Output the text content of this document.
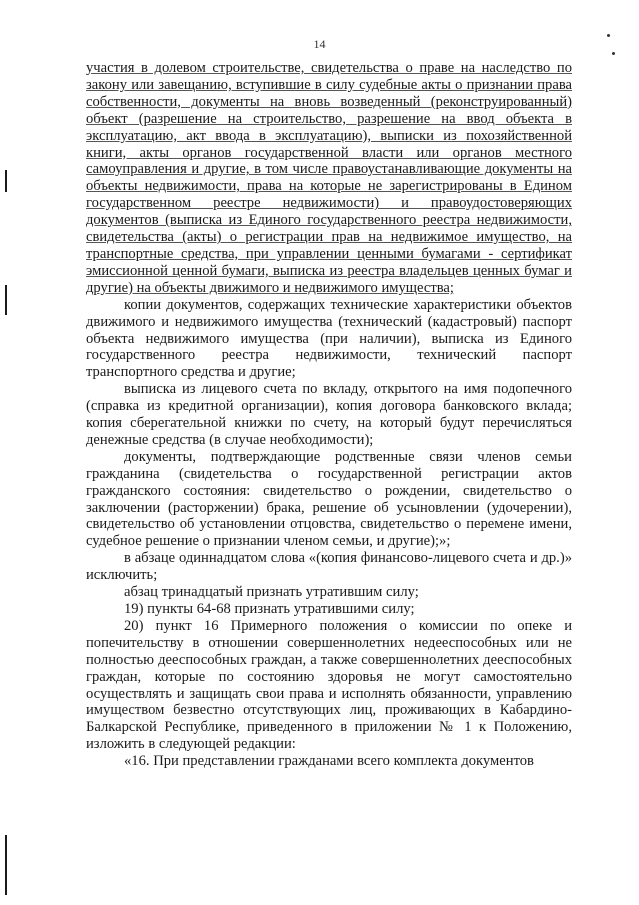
14

участия в долевом строительстве, свидетельства о праве на наследство по закону или завещанию, вступившие в силу судебные акты о признании права собственности, документы на вновь возведенный (реконструированный) объект (разрешение на строительство, разрешение на ввод объекта в эксплуатацию, акт ввода в эксплуатацию), выписки из похозяйственной книги, акты органов государственной власти или органов местного самоуправления и другие, в том числе правоустанавливающие документы на объекты недвижимости, права на которые не зарегистрированы в Едином государственном реестре недвижимости) и правоудостоверяющих документов (выписка из Единого государственного реестра недвижимости, свидетельства (акты) о регистрации прав на недвижимое имущество, на транспортные средства, при управлении ценными бумагами - сертификат эмиссионной ценной бумаги, выписка из реестра владельцев ценных бумаг и другие) на объекты движимого и недвижимого имущества;

копии документов, содержащих технические характеристики объектов движимого и недвижимого имущества (технический (кадастровый) паспорт объекта недвижимого имущества (при наличии), выписка из Единого государственного реестра недвижимости, технический паспорт транспортного средства и другие;

выписка из лицевого счета по вкладу, открытого на имя подопечного (справка из кредитной организации), копия договора банковского вклада; копия сберегательной книжки по счету, на который будут перечисляться денежные средства (в случае необходимости);

документы, подтверждающие родственные связи членов семьи гражданина (свидетельства о государственной регистрации актов гражданского состояния: свидетельство о рождении, свидетельство о заключении (расторжении) брака, решение об усыновлении (удочерении), свидетельство об установлении отцовства, свидетельство о перемене имени, судебное решение о признании членом семьи, и другие);»;

в абзаце одиннадцатом слова «(копия финансово-лицевого счета и др.)» исключить;

абзац тринадцатый признать утратившим силу;

19) пункты 64-68 признать утратившими силу;

20) пункт 16 Примерного положения о комиссии по опеке и попечительству в отношении совершеннолетних недееспособных или не полностью дееспособных граждан, а также совершеннолетних дееспособных граждан, которые по состоянию здоровья не могут самостоятельно осуществлять и защищать свои права и исполнять обязанности, управлению имуществом безвестно отсутствующих лиц, проживающих в Кабардино-Балкарской Республике, приведенного в приложении № 1 к Положению, изложить в следующей редакции:

«16. При представлении гражданами всего комплекта документов
